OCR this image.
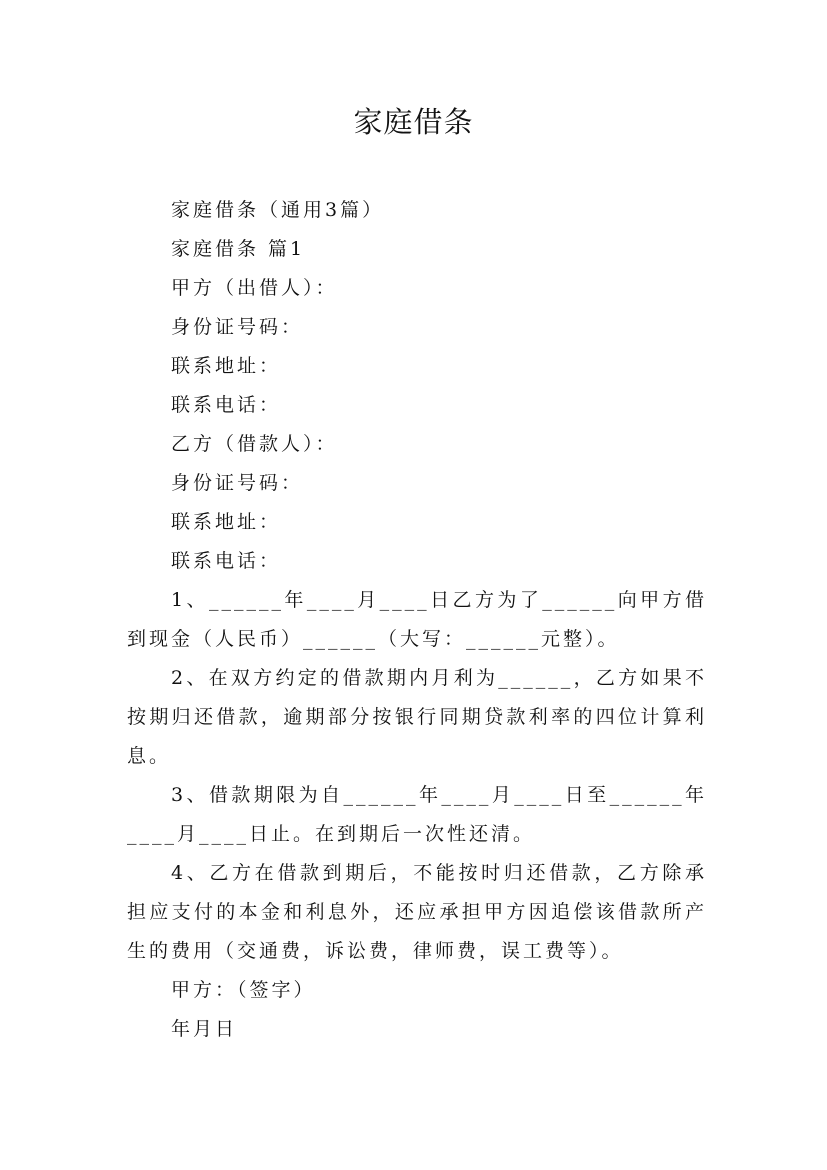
家庭借条
家庭借条（通用3篇）
家庭借条 篇1
甲方（出借人）：
身份证号码：
联系地址：
联系电话：
乙方（借款人）：
身份证号码：
联系地址：
联系电话：
1、______年____月____日乙方为了______向甲方借到现金（人民币）______（大写：______元整）。
2、在双方约定的借款期内月利为______，乙方如果不按期归还借款，逾期部分按银行同期贷款利率的四位计算利息。
3、借款期限为自______年____月____日至______年____月____日止。在到期后一次性还清。
4、乙方在借款到期后，不能按时归还借款，乙方除承担应支付的本金和利息外，还应承担甲方因追偿该借款所产生的费用（交通费，诉讼费，律师费，误工费等）。
甲方：（签字）
年月日
